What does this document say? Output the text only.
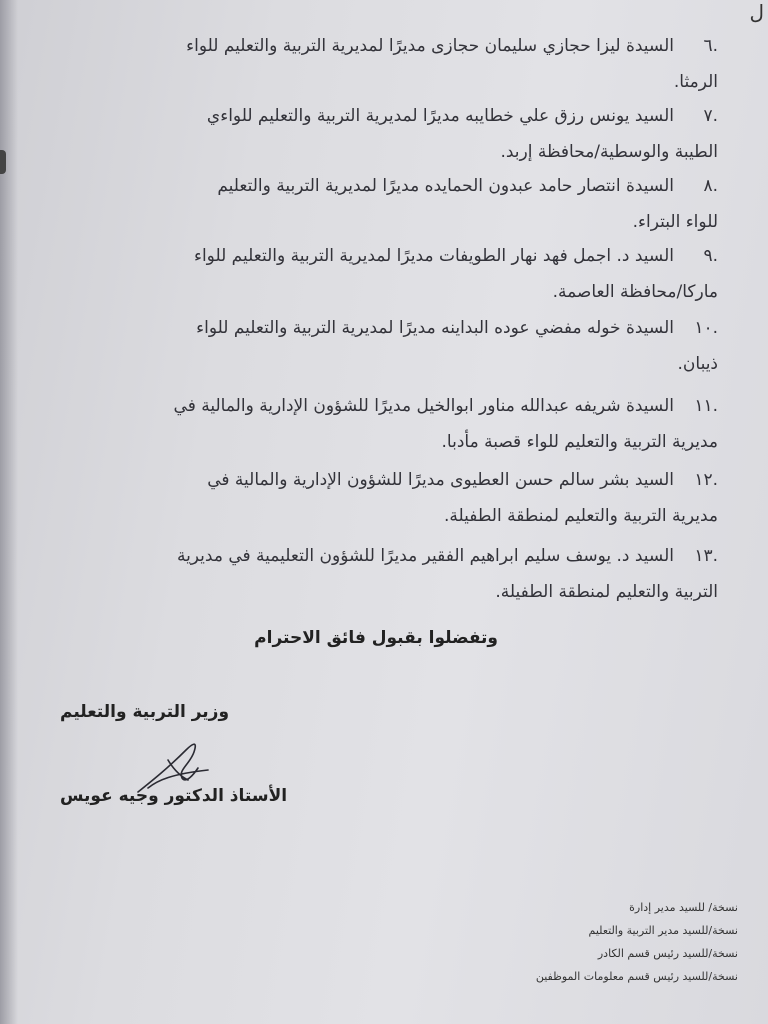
ل
.٦السيدة ليزا حجازي سليمان حجازى مديرًا لمديرية التربية والتعليم للواء
الرمثا.
.٧السيد يونس رزق علي خطايبه مديرًا لمديرية التربية والتعليم للواءي
الطيبة والوسطية/محافظة إربد.
.٨السيدة انتصار حامد عبدون الحمايده مديرًا لمديرية التربية والتعليم
للواء البتراء.
.٩السيد د. اجمل فهد نهار الطويفات مديرًا لمديرية التربية والتعليم للواء
ماركا/محافظة العاصمة.
.١٠السيدة خوله مفضي عوده البداينه مديرًا لمديرية التربية والتعليم للواء
ذيبان.
.١١السيدة شريفه عبدالله مناور ابوالخيل مديرًا للشؤون الإدارية والمالية في
مديرية التربية والتعليم للواء قصبة مأدبا.
.١٢السيد بشر سالم حسن العطيوى مديرًا للشؤون الإدارية والمالية في
مديرية التربية والتعليم لمنطقة الطفيلة.
.١٣السيد د. يوسف سليم ابراهيم الفقير مديرًا للشؤون التعليمية في مديرية
التربية والتعليم لمنطقة الطفيلة.
وتفضلوا بقبول فائق الاحترام
وزير التربية والتعليم
الأستاذ الدكتور وجيه عويس
نسخة/ للسيد مدير إدارة
نسخة/للسيد مدير التربية والتعليم
نسخة/للسيد رئيس قسم الكادر
نسخة/للسيد رئيس قسم معلومات الموظفين
